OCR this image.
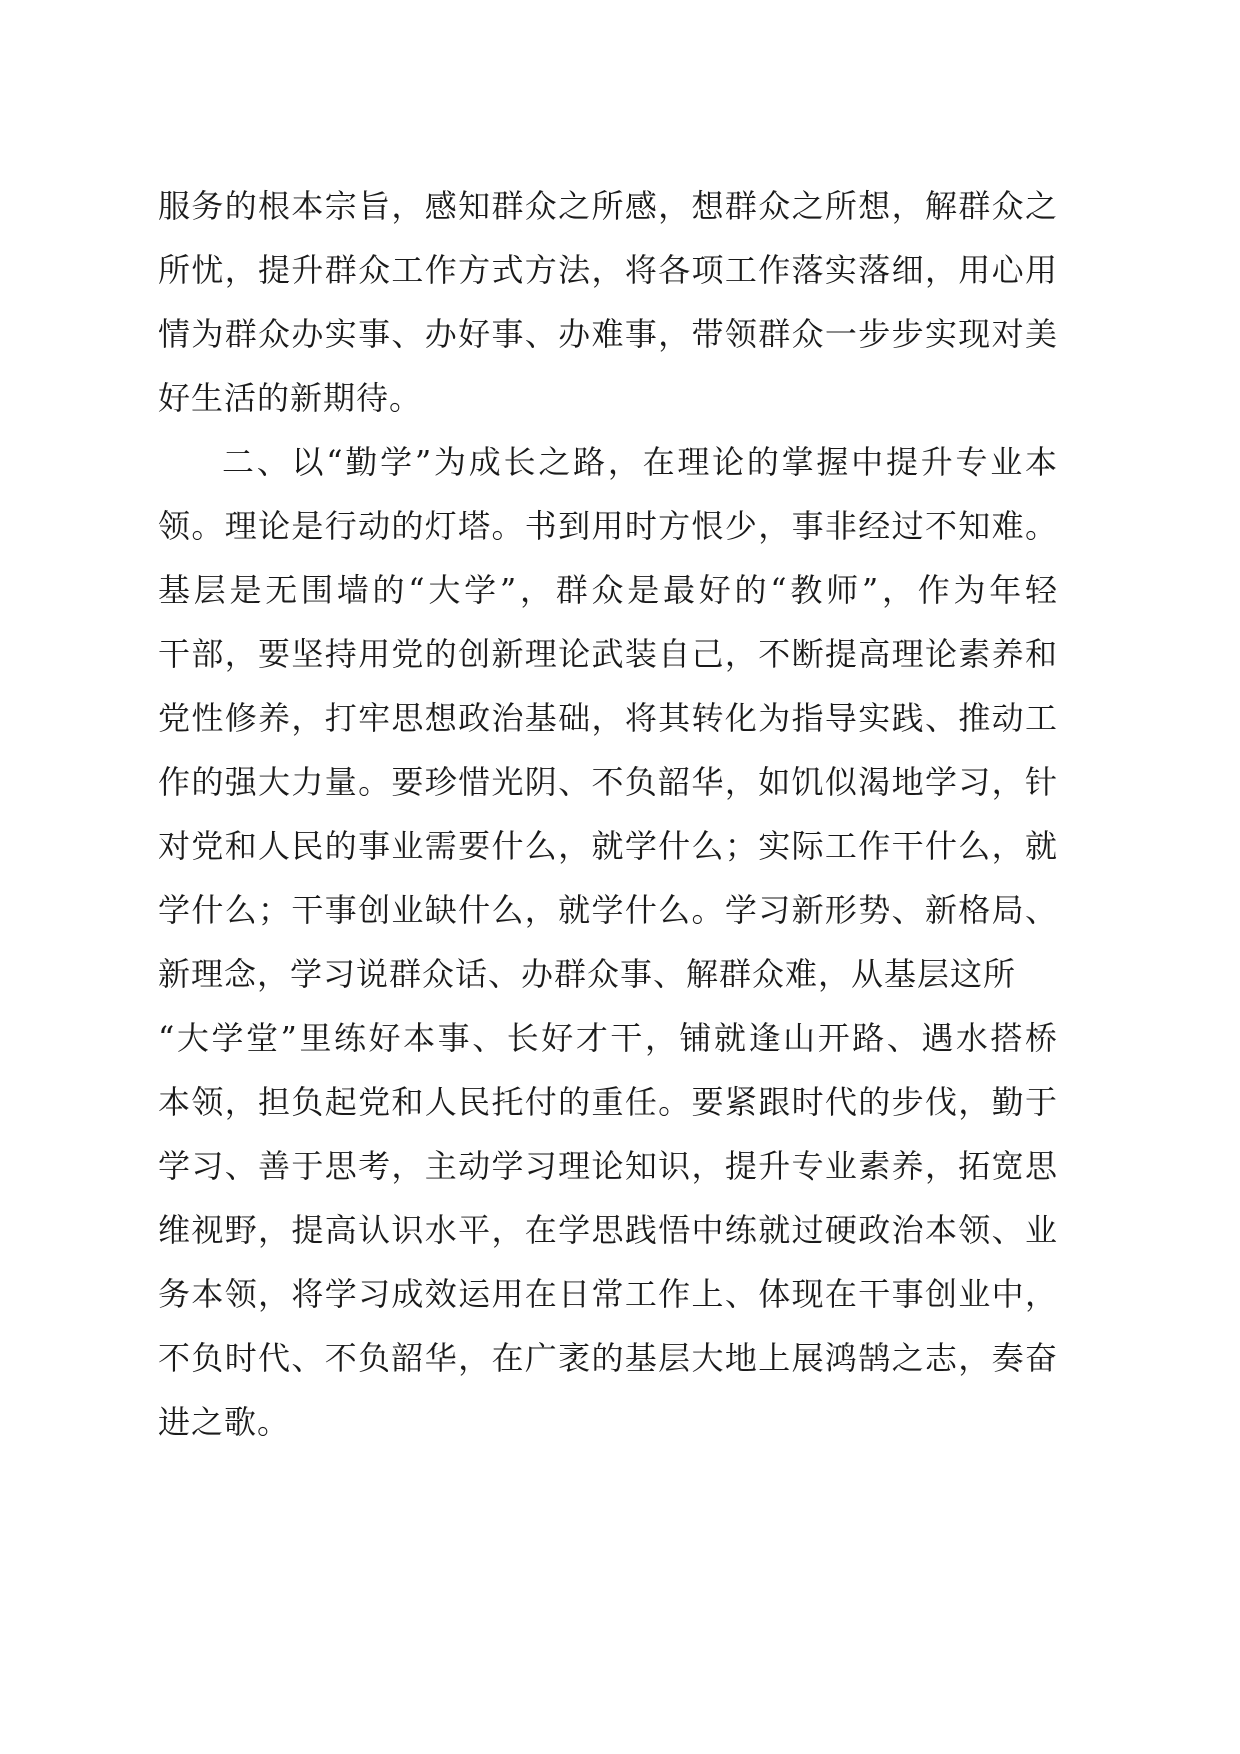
服务的根本宗旨，感知群众之所感，想群众之所想，解群众之
所忧，提升群众工作方式方法，将各项工作落实落细，用心用
情为群众办实事、办好事、办难事，带领群众一步步实现对美
好生活的新期待。
二、以“勤学”为成长之路，在理论的掌握中提升专业本
领。理论是行动的灯塔。书到用时方恨少，事非经过不知难。
基层是无围墙的“大学”，群众是最好的“教师”，作为年轻
干部，要坚持用党的创新理论武装自己，不断提高理论素养和
党性修养，打牢思想政治基础，将其转化为指导实践、推动工
作的强大力量。要珍惜光阴、不负韶华，如饥似渴地学习，针
对党和人民的事业需要什么，就学什么；实际工作干什么，就
学什么；干事创业缺什么，就学什么。学习新形势、新格局、
新理念，学习说群众话、办群众事、解群众难，从基层这所
“大学堂”里练好本事、长好才干，铺就逢山开路、遇水搭桥
本领，担负起党和人民托付的重任。要紧跟时代的步伐，勤于
学习、善于思考，主动学习理论知识，提升专业素养，拓宽思
维视野，提高认识水平，在学思践悟中练就过硬政治本领、业
务本领，将学习成效运用在日常工作上、体现在干事创业中，
不负时代、不负韶华，在广袤的基层大地上展鸿鹄之志，奏奋
进之歌。
